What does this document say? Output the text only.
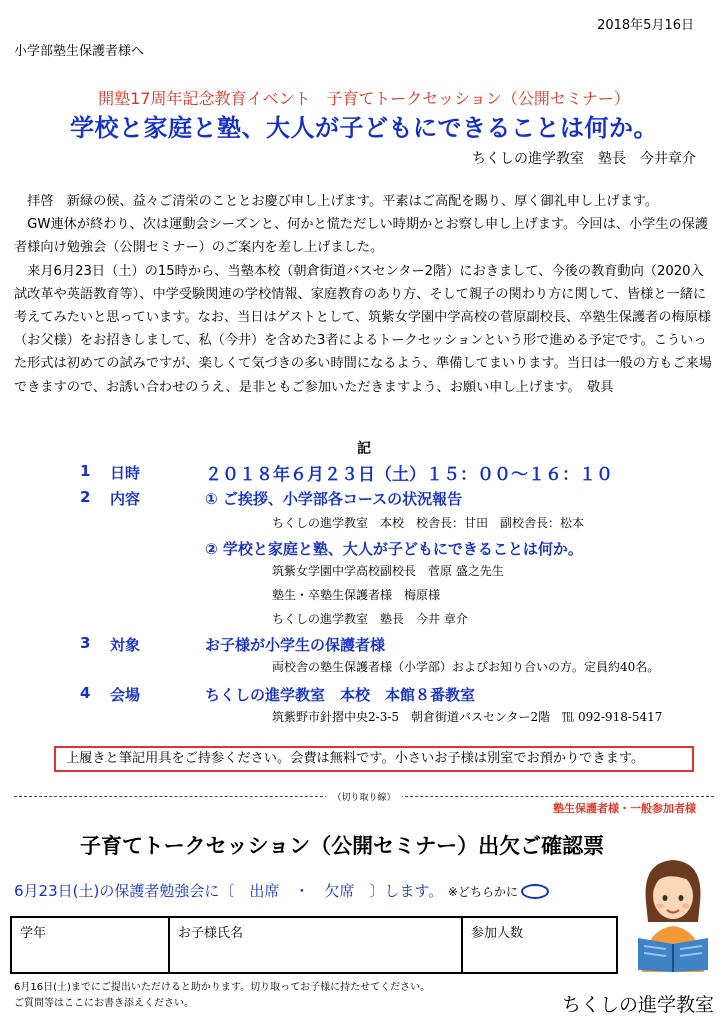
2018年5月16日
小学部塾生保護者様へ
開塾17周年記念教育イベント　子育てトークセッション（公開セミナー）
学校と家庭と塾、大人が子どもにできることは何か。
ちくしの進学教室　塾長　今井章介

　拝啓　新緑の候、益々ご清栄のこととお慶び申し上げます。平素はご高配を賜り、厚く御礼申し上げます。

　GW連休が終わり、次は運動会シーズンと、何かと慌ただしい時期かとお察し申し上げます。今回は、小学生の保護者様向け勉強会（公開セミナー）のご案内を差し上げました。

　来月6月23日（土）の15時から、当塾本校（朝倉街道バスセンター2階）におきまして、今後の教育動向（2020入試改革や英語教育等）、中学受験関連の学校情報、家庭教育のあり方、そして親子の関わり方に関して、皆様と一緒に考えてみたいと思っています。なお、当日はゲストとして、筑紫女学園中学高校の菅原副校長、卒塾生保護者の梅原様（お父様）をお招きしまして、私（今井）を含めた3者によるトークセッションという形で進める予定です。こういった形式は初めての試みですが、楽しくて気づきの多い時間になるよう、準備してまいります。当日は一般の方もご来場できますので、お誘い合わせのうえ、是非ともご参加いただきますよう、お願い申し上げます。　敬具

記
1 日時	２０１８年６月２３日（土）１５：００〜１６：１０
2 内容	① ご挨拶、小学部各コースの状況報告
ちくしの進学教室　本校　校舎長：甘田　副校舎長：松本
② 学校と家庭と塾、大人が子どもにできることは何か。
筑紫女学園中学高校副校長　菅原 盛之先生
塾生・卒塾生保護者様　梅原様
ちくしの進学教室　塾長　今井 章介
3 対象	お子様が小学生の保護者様
両校舎の塾生保護者様（小学部）およびお知り合いの方。定員約40名。
4 会場	ちくしの進学教室　本校　本館８番教室
筑紫野市針摺中央2-3-5　朝倉街道バスセンター2階　℡ 092-918-5417
上履きと筆記用具をご持参ください。会費は無料です。小さいお子様は別室でお預かりできます。
（切り取り線）
塾生保護者様・一般参加者様
子育てトークセッション（公開セミナー）出欠ご確認票
6月23日(土)の保護者勉強会に〔　出席　・　欠席　〕します。 ※どちらかに
学年	お子様氏名	参加人数
6月16日(土)までにご提出いただけると助かります。切り取ってお子様に持たせてください。
ご質問等はここにお書き添えください。	ちくしの進学教室
